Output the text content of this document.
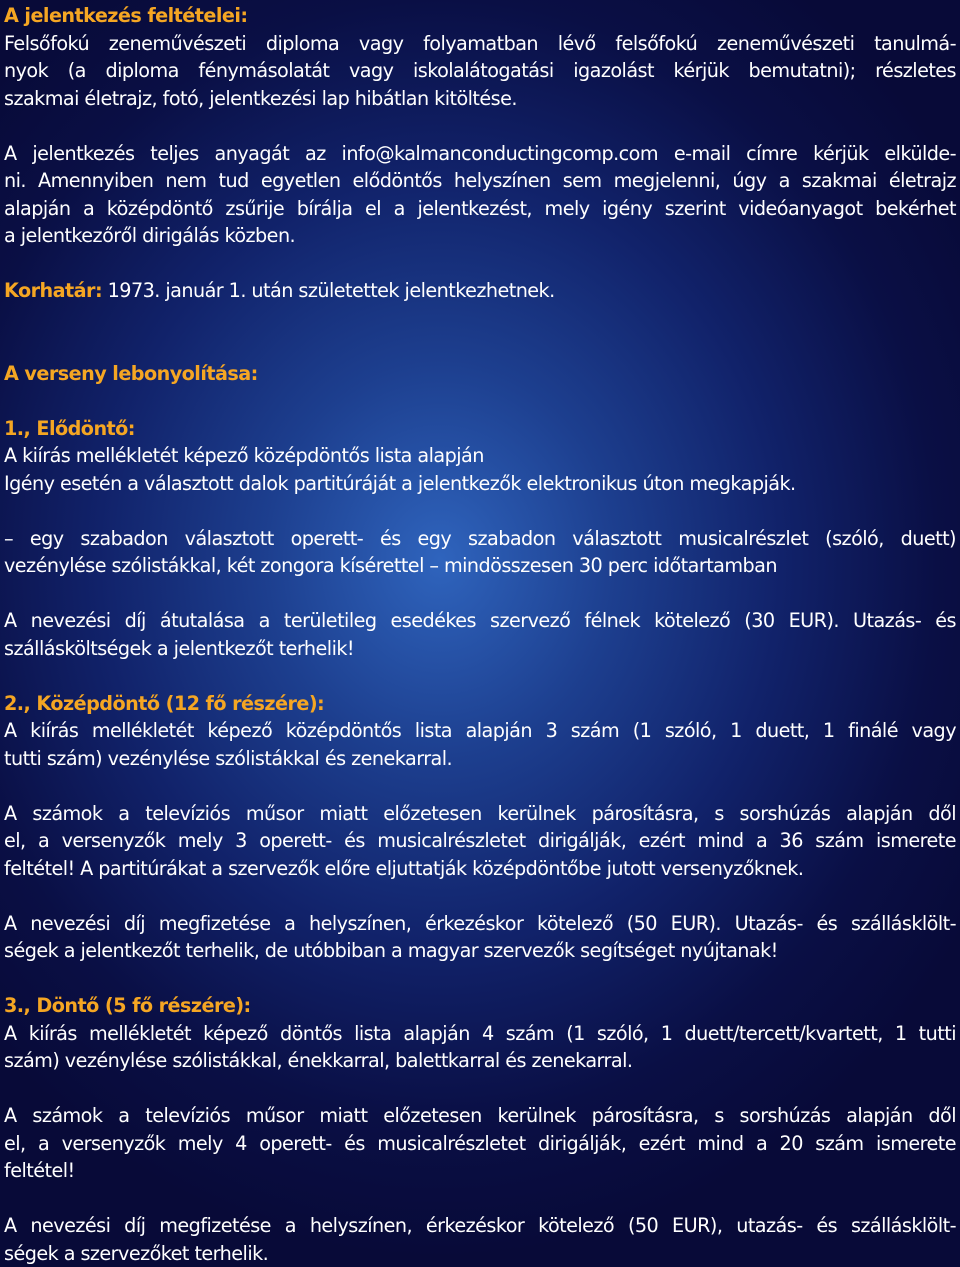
A jelentkezés feltételei:
Felsőfokú zeneművészeti diploma vagy folyamatban lévő felsőfokú zeneművészeti tanulmá-
nyok (a diploma fénymásolatát vagy iskolalátogatási igazolást kérjük bemutatni); részletes
szakmai életrajz, fotó, jelentkezési lap hibátlan kitöltése.
A jelentkezés teljes anyagát az info@kalmanconductingcomp.com e-mail címre kérjük elkülde-
ni. Amennyiben nem tud egyetlen elődöntős helyszínen sem megjelenni, úgy a szakmai életrajz
alapján a középdöntő zsűrije bírálja el a jelentkezést, mely igény szerint videóanyagot bekérhet
a jelentkezőről dirigálás közben.
Korhatár: 1973. január 1. után születettek jelentkezhetnek.
A verseny lebonyolítása:
1., Elődöntő:
A kiírás mellékletét képező középdöntős lista alapján
Igény esetén a választott dalok partitúráját a jelentkezők elektronikus úton megkapják.
– egy szabadon választott operett- és egy szabadon választott musicalrészlet (szóló, duett)
vezénylése szólistákkal, két zongora kísérettel – mindösszesen 30 perc időtartamban
A nevezési díj átutalása a területileg esedékes szervező félnek kötelező (30 EUR). Utazás- és
szállásköltségek a jelentkezőt terhelik!
2., Középdöntő (12 fő részére):
A kiírás mellékletét képező középdöntős lista alapján 3 szám (1 szóló, 1 duett, 1 finálé vagy
tutti szám) vezénylése szólistákkal és zenekarral.
A számok a televíziós műsor miatt előzetesen kerülnek párosításra, s sorshúzás alapján dől
el, a versenyzők mely 3 operett- és musicalrészletet dirigálják, ezért mind a 36 szám ismerete
feltétel! A partitúrákat a szervezők előre eljuttatják középdöntőbe jutott versenyzőknek.
A nevezési díj megfizetése a helyszínen, érkezéskor kötelező (50 EUR). Utazás- és szállásklölt-
ségek a jelentkezőt terhelik, de utóbbiban a magyar szervezők segítséget nyújtanak!
3., Döntő (5 fő részére):
A kiírás mellékletét képező döntős lista alapján 4 szám (1 szóló, 1 duett/tercett/kvartett, 1 tutti
szám) vezénylése szólistákkal, énekkarral, balettkarral és zenekarral.
A számok a televíziós műsor miatt előzetesen kerülnek párosításra, s sorshúzás alapján dől
el, a versenyzők mely 4 operett- és musicalrészletet dirigálják, ezért mind a 20 szám ismerete
feltétel!
A nevezési díj megfizetése a helyszínen, érkezéskor kötelező (50 EUR), utazás- és szállásklölt-
ségek a szervezőket terhelik.
